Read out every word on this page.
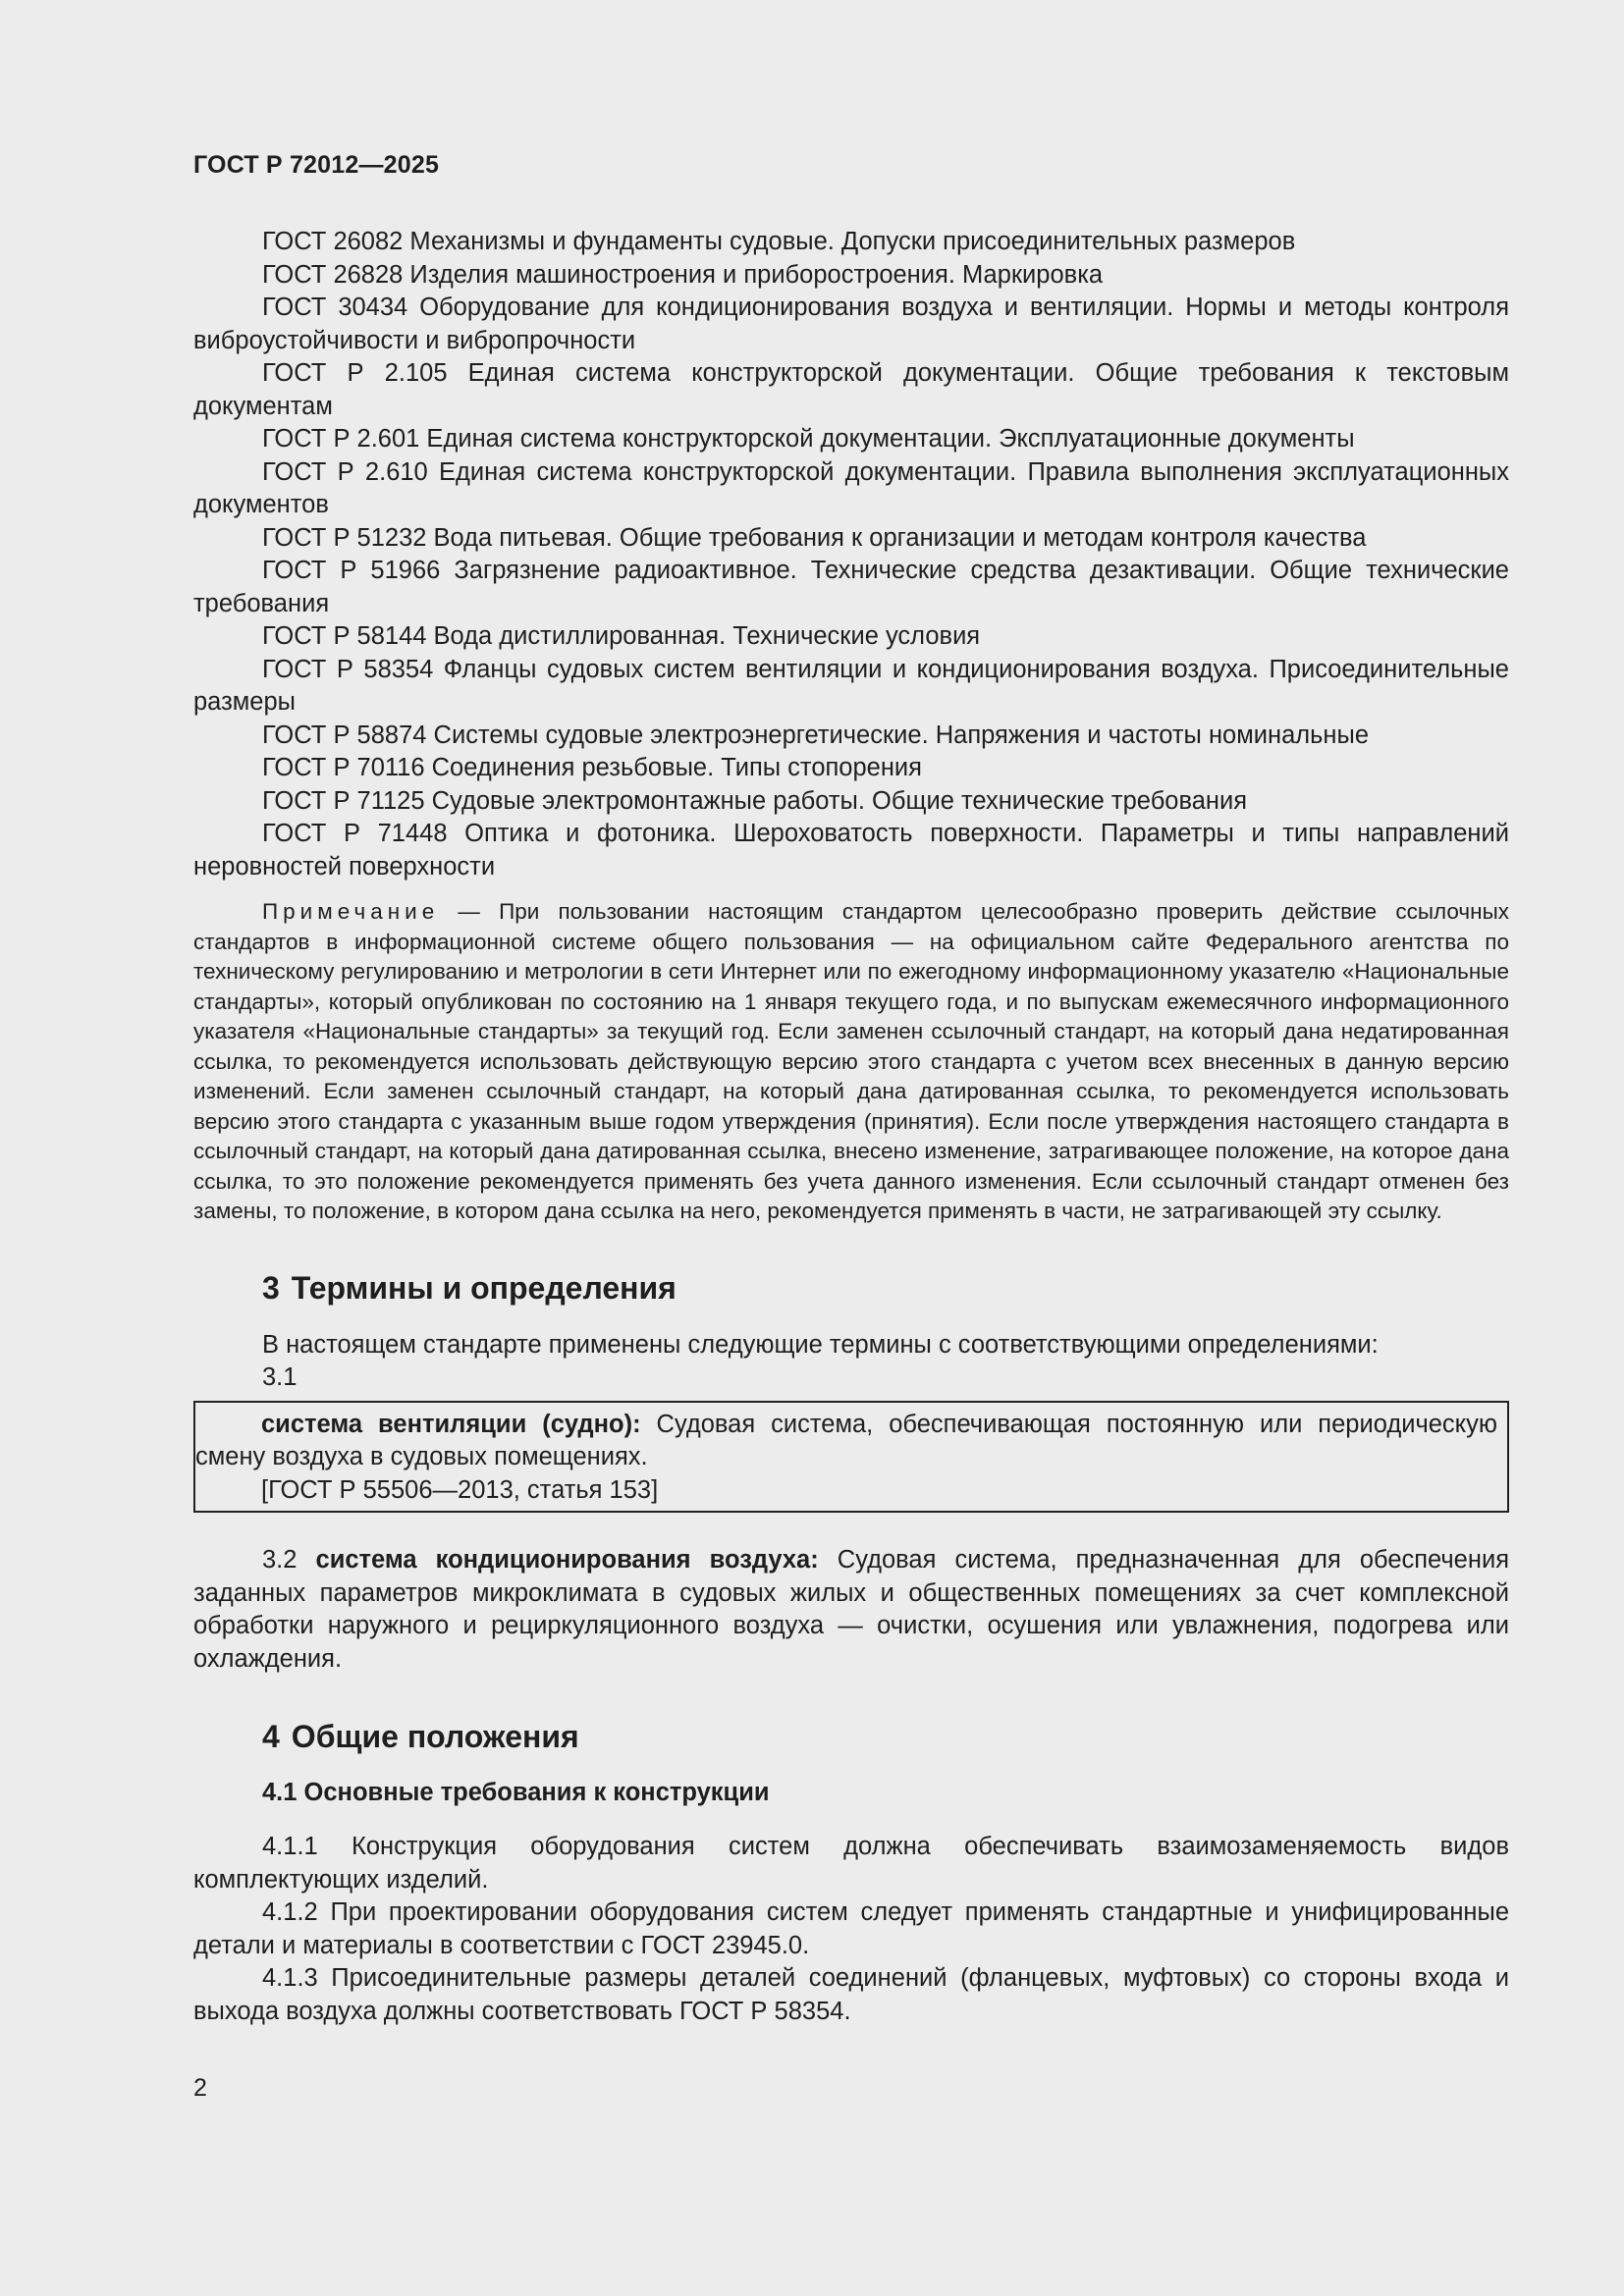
ГОСТ Р 72012—2025

ГОСТ 26082 Механизмы и фундаменты судовые. Допуски присоединительных размеров

ГОСТ 26828 Изделия машиностроения и приборостроения. Маркировка

ГОСТ 30434 Оборудование для кондиционирования воздуха и вентиляции. Нормы и методы контроля виброустойчивости и вибропрочности

ГОСТ Р 2.105 Единая система конструкторской документации. Общие требования к текстовым документам

ГОСТ Р 2.601 Единая система конструкторской документации. Эксплуатационные документы

ГОСТ Р 2.610 Единая система конструкторской документации. Правила выполнения эксплуатационных документов

ГОСТ Р 51232 Вода питьевая. Общие требования к организации и методам контроля качества

ГОСТ Р 51966 Загрязнение радиоактивное. Технические средства дезактивации. Общие технические требования

ГОСТ Р 58144 Вода дистиллированная. Технические условия

ГОСТ Р 58354 Фланцы судовых систем вентиляции и кондиционирования воздуха. Присоединительные размеры

ГОСТ Р 58874 Системы судовые электроэнергетические. Напряжения и частоты номинальные

ГОСТ Р 70116 Соединения резьбовые. Типы стопорения

ГОСТ Р 71125 Судовые электромонтажные работы. Общие технические требования

ГОСТ Р 71448 Оптика и фотоника. Шероховатость поверхности. Параметры и типы направлений неровностей поверхности

Примечание — При пользовании настоящим стандартом целесообразно проверить действие ссылочных стандартов в информационной системе общего пользования — на официальном сайте Федерального агентства по техническому регулированию и метрологии в сети Интернет или по ежегодному информационному указателю «Национальные стандарты», который опубликован по состоянию на 1 января текущего года, и по выпускам ежемесячного информационного указателя «Национальные стандарты» за текущий год. Если заменен ссылочный стандарт, на который дана недатированная ссылка, то рекомендуется использовать действующую версию этого стандарта с учетом всех внесенных в данную версию изменений. Если заменен ссылочный стандарт, на который дана датированная ссылка, то рекомендуется использовать версию этого стандарта с указанным выше годом утверждения (принятия). Если после утверждения настоящего стандарта в ссылочный стандарт, на который дана датированная ссылка, внесено изменение, затрагивающее положение, на которое дана ссылка, то это положение рекомендуется применять без учета данного изменения. Если ссылочный стандарт отменен без замены, то положение, в котором дана ссылка на него, рекомендуется применять в части, не затрагивающей эту ссылку.

3 Термины и определения

В настоящем стандарте применены следующие термины с соответствующими определениями:

3.1

система вентиляции (судно): Судовая система, обеспечивающая постоянную или периодическую смену воздуха в судовых помещениях.

[ГОСТ Р 55506—2013, статья 153]

3.2 система кондиционирования воздуха: Судовая система, предназначенная для обеспечения заданных параметров микроклимата в судовых жилых и общественных помещениях за счет комплексной обработки наружного и рециркуляционного воздуха — очистки, осушения или увлажнения, подогрева или охлаждения.

4 Общие положения
4.1 Основные требования к конструкции

4.1.1 Конструкция оборудования систем должна обеспечивать взаимозаменяемость видов комплектующих изделий.

4.1.2 При проектировании оборудования систем следует применять стандартные и унифицированные детали и материалы в соответствии с ГОСТ 23945.0.

4.1.3 Присоединительные размеры деталей соединений (фланцевых, муфтовых) со стороны входа и выхода воздуха должны соответствовать ГОСТ Р 58354.

2
